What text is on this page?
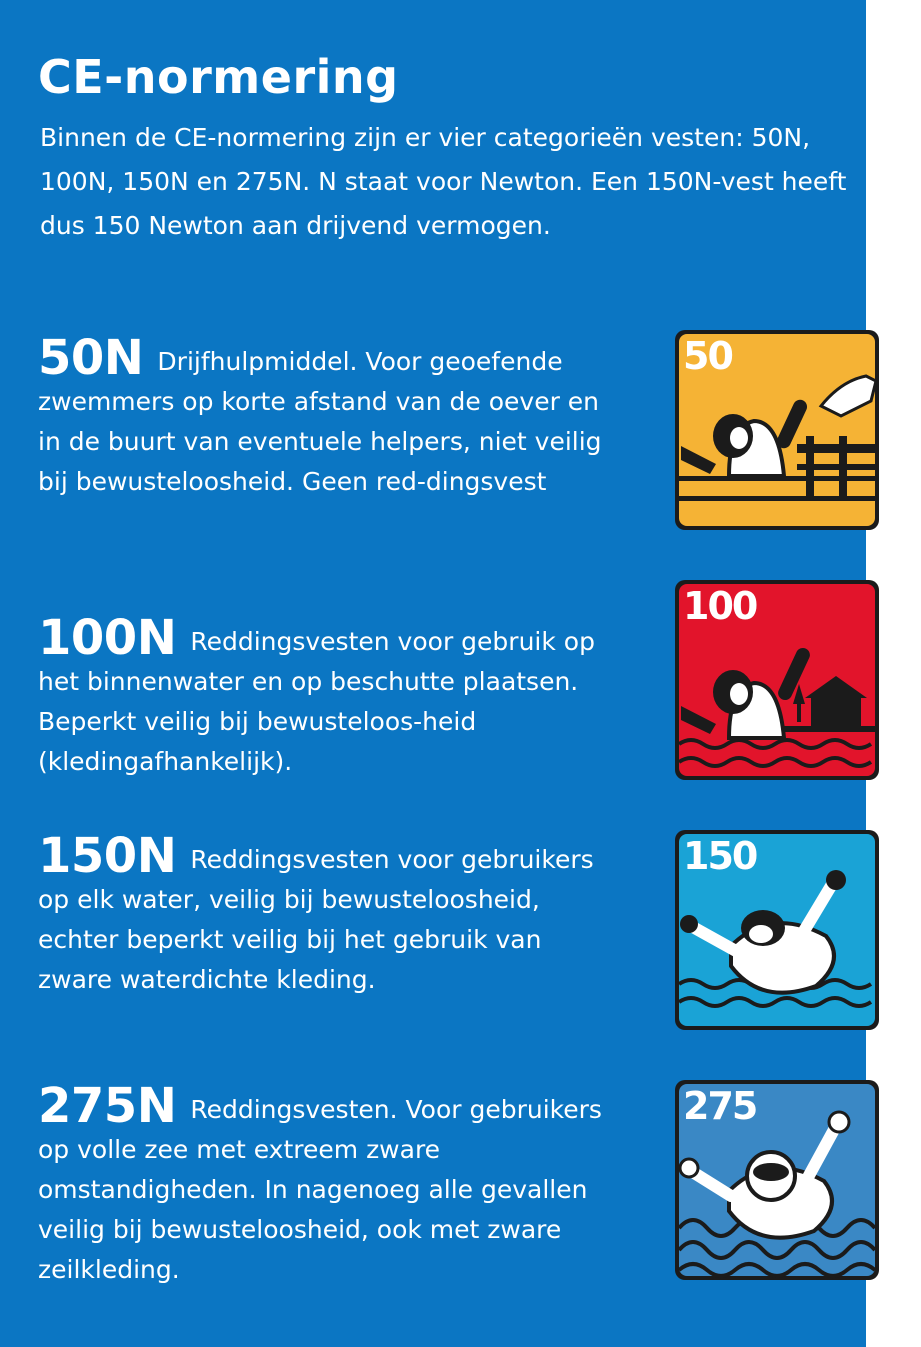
CE-normering

Binnen de CE-normering zijn er vier categorieën vesten: 50N, 100N, 150N en 275N. N staat voor Newton. Een 150N-vest heeft dus 150 Newton aan drijvend vermogen.

50N Drijfhulpmiddel. Voor geoefende zwemmers op korte afstand van de oever en in de buurt van eventuele helpers, niet veilig bij bewusteloosheid. Geen red-dingsvest

50

100N Reddingsvesten voor gebruik op het binnenwater en op beschutte plaatsen. Beperkt veilig bij bewusteloos-heid (kledingafhankelijk).

100

150N Reddingsvesten voor gebruikers op elk water, veilig bij bewusteloosheid, echter beperkt veilig bij het gebruik van zware waterdichte kleding.

150

275N Reddingsvesten. Voor gebruikers op volle zee met extreem zware omstandigheden. In nagenoeg alle gevallen veilig bij bewusteloosheid, ook met zware zeilkleding.

275
